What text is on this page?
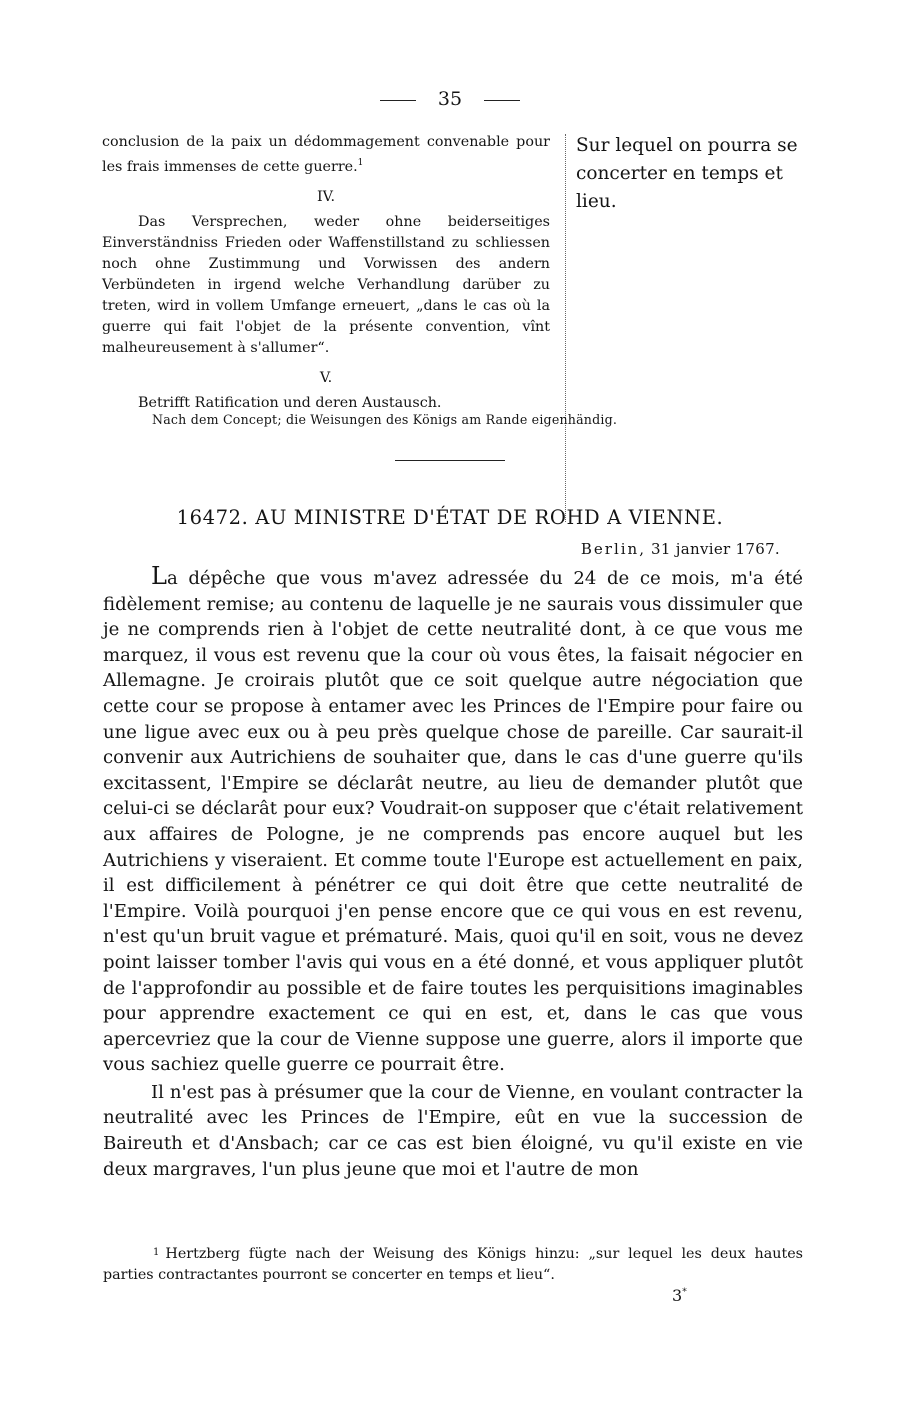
35

conclusion de la paix un dédommagement convenable pour les frais immenses de cette guerre.$^1$

IV.

Das Versprechen, weder ohne beiderseitiges Einverständniss Frieden oder Waffenstillstand zu schliessen noch ohne Zustimmung und Vorwissen des andern Verbündeten in irgend welche Verhandlung darüber zu treten, wird in vollem Umfange erneuert, „dans le cas où la guerre qui fait l'objet de la présente convention, vînt malheureusement à s'allumer“.

V.

Betrifft Ratification und deren Austausch.

Sur lequel on pourra se concerter en temps et lieu.
Nach dem Concept; die Weisungen des Königs am Rande eigenhändig.
16472. AU MINISTRE D'ÉTAT DE ROHD A VIENNE.
Berlin, 31 janvier 1767.

La dépêche que vous m'avez adressée du 24 de ce mois, m'a été fidèlement remise; au contenu de laquelle je ne saurais vous dissimuler que je ne comprends rien à l'objet de cette neutralité dont, à ce que vous me marquez, il vous est revenu que la cour où vous êtes, la faisait négocier en Allemagne. Je croirais plutôt que ce soit quelque autre négociation que cette cour se propose à entamer avec les Princes de l'Empire pour faire ou une ligue avec eux ou à peu près quelque chose de pareille. Car saurait-il convenir aux Autrichiens de souhaiter que, dans le cas d'une guerre qu'ils excitassent, l'Empire se déclarât neutre, au lieu de demander plutôt que celui-ci se déclarât pour eux? Voudrait-on supposer que c'était relativement aux affaires de Pologne, je ne comprends pas encore auquel but les Autrichiens y viseraient. Et comme toute l'Europe est actuellement en paix, il est difficilement à pénétrer ce qui doit être que cette neutralité de l'Empire. Voilà pourquoi j'en pense encore que ce qui vous en est revenu, n'est qu'un bruit vague et prématuré. Mais, quoi qu'il en soit, vous ne devez point laisser tomber l'avis qui vous en a été donné, et vous appliquer plutôt de l'approfondir au possible et de faire toutes les perquisitions imaginables pour apprendre exactement ce qui en est, et, dans le cas que vous apercevriez que la cour de Vienne suppose une guerre, alors il importe que vous sachiez quelle guerre ce pourrait être.

Il n'est pas à présumer que la cour de Vienne, en voulant contracter la neutralité avec les Princes de l'Empire, eût en vue la succession de Baireuth et d'Ansbach; car ce cas est bien éloigné, vu qu'il existe en vie deux margraves, l'un plus jeune que moi et l'autre de mon

$^1$ Hertzberg fügte nach der Weisung des Königs hinzu: „sur lequel les deux hautes parties contractantes pourront se concerter en temps et lieu“.

3*
